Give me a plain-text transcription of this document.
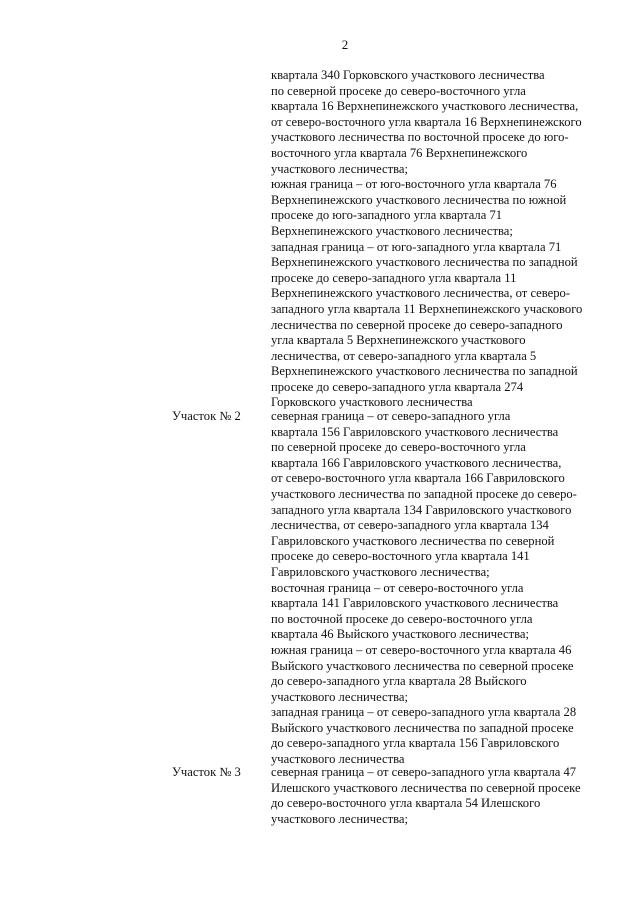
2
квартала 340 Горковского участкового лесничества
по северной просеке до северо-восточного угла
квартала 16 Верхнепинежского участкового лесничества,
от северо-восточного угла квартала 16 Верхнепинежского
участкового лесничества по восточной просеке до юго-
восточного угла квартала 76 Верхнепинежского
участкового лесничества;
южная граница – от юго-восточного угла квартала 76
Верхнепинежского участкового лесничества по южной
просеке до юго-западного угла квартала 71
Верхнепинежского участкового лесничества;
западная граница – от юго-западного угла квартала 71
Верхнепинежского участкового лесничества по западной
просеке до северо-западного угла квартала 11
Верхнепинежского участкового лесничества, от северо-
западного угла квартала 11 Верхнепинежского учаскового
лесничества по северной просеке до северо-западного
угла квартала 5 Верхнепинежского участкового
лесничества, от северо-западного угла квартала 5
Верхнепинежского участкового лесничества по западной
просеке до северо-западного угла квартала 274
Горковского участкового лесничества
Участок № 2 северная граница – от северо-западного угла
квартала 156 Гавриловского участкового лесничества
по северной просеке до северо-восточного угла
квартала 166 Гавриловского участкового лесничества,
от северо-восточного угла квартала 166 Гавриловского
участкового лесничества по западной просеке до северо-
западного угла квартала 134 Гавриловского участкового
лесничества, от северо-западного угла квартала 134
Гавриловского участкового лесничества по северной
просеке до северо-восточного угла квартала 141
Гавриловского участкового лесничества;
восточная граница – от северо-восточного угла
квартала 141 Гавриловского участкового лесничества
по восточной просеке до северо-восточного угла
квартала 46 Выйского участкового лесничества;
южная граница – от северо-восточного угла квартала 46
Выйского участкового лесничества по северной просеке
до северо-западного угла квартала 28 Выйского
участкового лесничества;
западная граница – от северо-западного угла квартала 28
Выйского участкового лесничества по западной просеке
до северо-западного угла квартала 156 Гавриловского
участкового лесничества
Участок № 3 северная граница – от северо-западного угла квартала 47
Илешского участкового лесничества по северной просеке
до северо-восточного угла квартала 54 Илешского
участкового лесничества;
